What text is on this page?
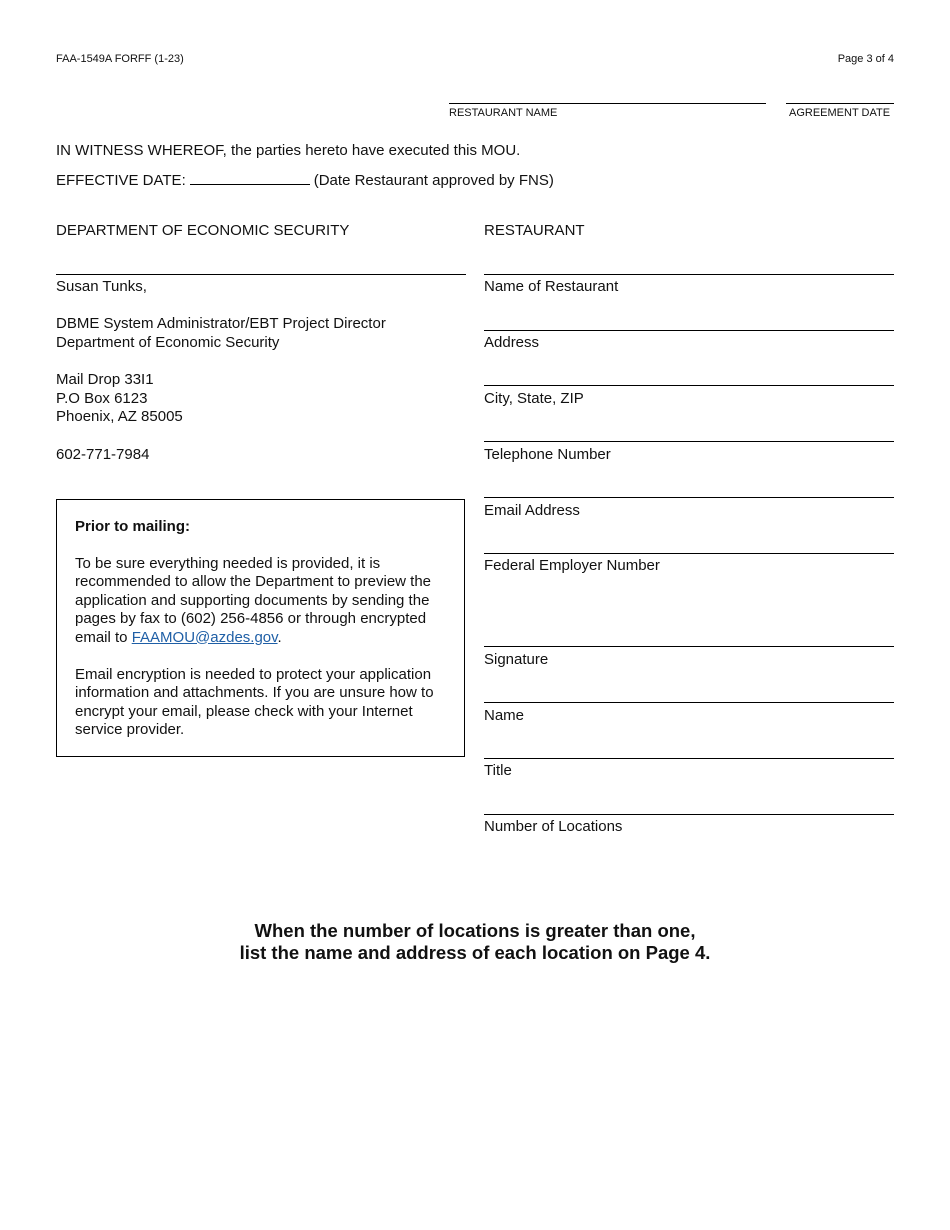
FAA-1549A FORFF (1-23)	Page 3 of 4
RESTAURANT NAME	AGREEMENT DATE
IN WITNESS WHEREOF, the parties hereto have executed this MOU.
EFFECTIVE DATE:	(Date Restaurant approved by FNS)
DEPARTMENT OF ECONOMIC SECURITY
Susan Tunks,
DBME System Administrator/EBT Project Director
Department of Economic Security
Mail Drop 33I1
P.O Box 6123
Phoenix, AZ 85005
602-771-7984

Prior to mailing:

To be sure everything needed is provided, it is recommended to allow the Department to preview the application and supporting documents by sending the pages by fax to (602) 256-4856 or through encrypted email to FAAMOU@azdes.gov.

Email encryption is needed to protect your application information and attachments. If you are unsure how to encrypt your email, please check with your Internet service provider.

RESTAURANT
Name of Restaurant
Address
City, State, ZIP
Telephone Number
Email Address
Federal Employer Number
Signature
Name
Title
Number of Locations
When the number of locations is greater than one,
list the name and address of each location on Page 4.
